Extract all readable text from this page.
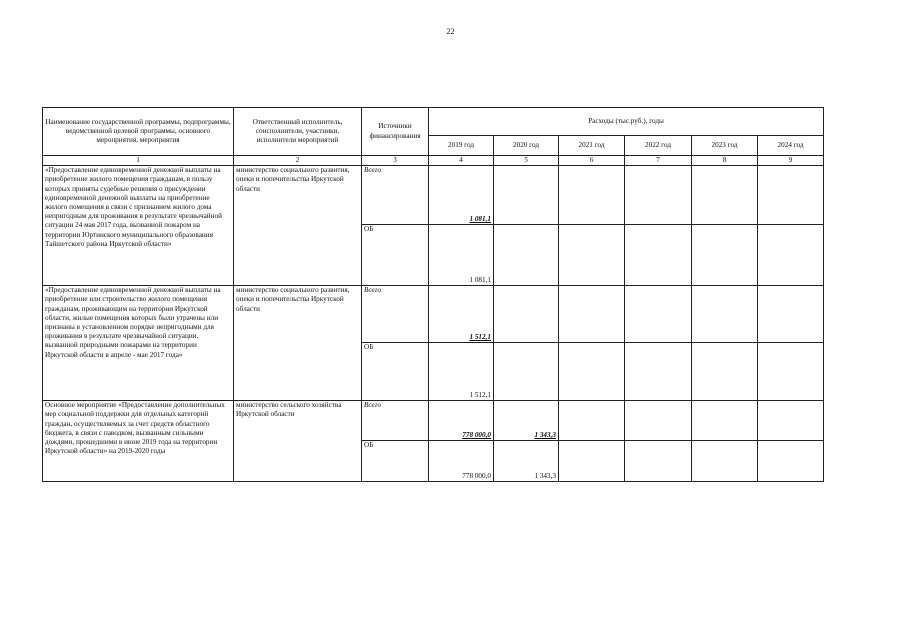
22
Наименование государственной программы, подпрограммы, ведомственной целевой программы, основного мероприятия, мероприятия	Ответственный исполнитель, соисполнители, участники, исполнители мероприятий	Источники финансирования	Расходы (тыс.руб.), годы					
			2019 год	2020 год	2021 год	2022 год	2023 год	2024 год
1	2	3	4	5	6	7	8	9
«Предоставление единовременной денежной выплаты на приобретение жилого помещения гражданам, в пользу которых приняты судебные решения о присуждении единовременной денежной выплаты на приобретение жилого помещения в связи с признанием жилого дома непригодным для проживания в результате чрезвычайной ситуации 24 мая 2017 года, вызванной пожаром на территории Юртинского муниципального образования Тайшетского района Иркутской области»	министерство социального развития, опеки и попечительства Иркутской области	Всего	1 081,1					
		ОБ	1 081,1					
«Предоставление единовременной денежной выплаты на приобретение или строительство жилого помещения гражданам, проживающим на территории Иркутской области, жилые помещения которых были утрачены или признаны в установленном порядке непригодными для проживания в результате чрезвычайной ситуации, вызванной природными пожарами на территории Иркутской области в апреле - мае 2017 года»	министерство социального развития, опеки и попечительства Иркутской области	Всего	1 512,1					
		ОБ	1 512,1					
Основное мероприятие «Предоставление дополнительных мер социальной поддержки для отдельных категорий граждан, осуществляемых за счет средств областного бюджета, в связи с паводком, вызванным сильными дождями, прошедшими в июне 2019 года на территории Иркутской области» на 2019-2020 годы	министерство сельского хозяйства Иркутской области	Всего	778 000,0	1 343,3				
		ОБ	778 000,0	1 343,3				
